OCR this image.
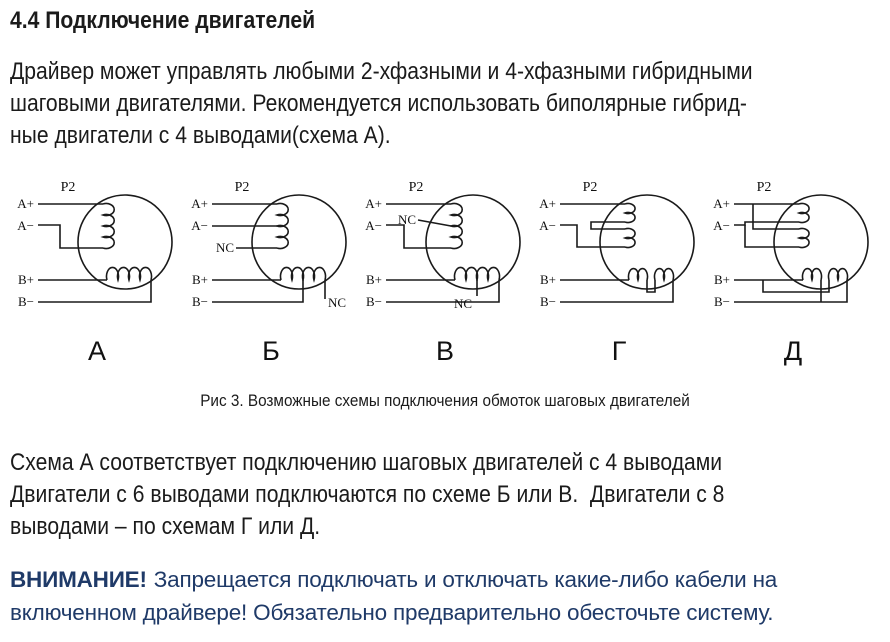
4.4 Подключение двигателей
Драйвер может управлять любыми 2-хфазными и 4-хфазными гибридными
шаговыми двигателями. Рекомендуется использовать биполярные гибрид-
ные двигатели с 4 выводами(схема А).
P2
A+
A−
B+
B−
А
P2
A+
A−
NC
B+
B−	NC
Б
P2
A+
NC
A−
B+
NC
B−
В
P2
A+
A−
B+
B−
Г
P2
A+
A−
B+
B−
Д
Рис 3. Возможные схемы подключения обмоток шаговых двигателей
Схема А соответствует подключению шаговых двигателей с 4 выводами
Двигатели с 6 выводами подключаются по схеме Б или В.  Двигатели с 8
выводами – по схемам Г или Д.
ВНИМАНИЕ! Запрещается подключать и отключать какие-либо кабели на
включенном драйвере! Обязательно предварительно обесточьте систему.
